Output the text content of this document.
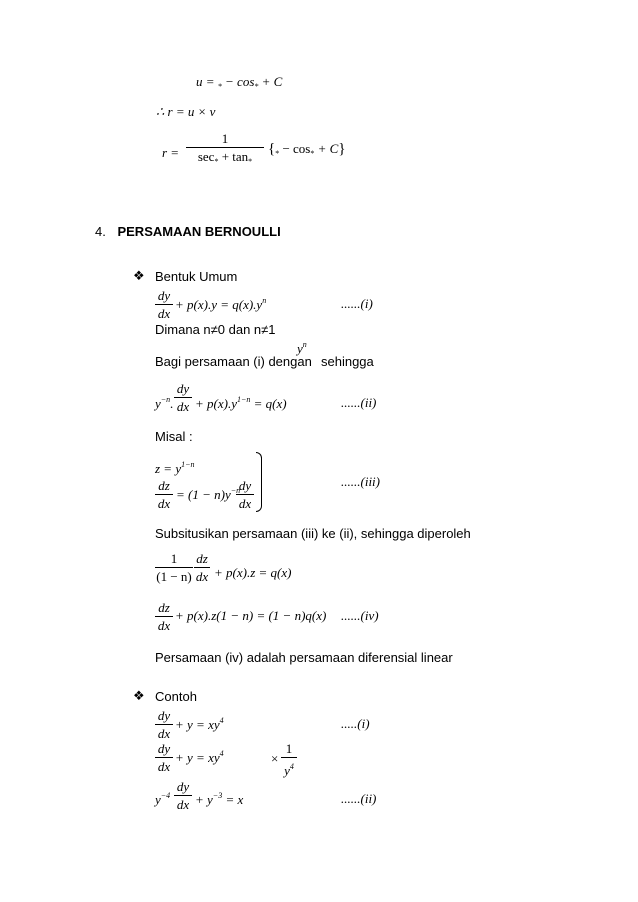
$u = _* - \cos_* + C$
∴ r = u × v
r =
1
$\sec_* + \tan_*$
$\{_* - \cos_* + C\}$
4. PERSAMAAN BERNOULLI
❖ Bentuk Umum
dy
dx
+ $p(x).y = q(x).y^n$	......(i)
Dimana n≠0 dan n≠1
$y^n$
Bagi persamaan (i) dengan sehingga
$y^{-n}$.
dy
dx + $p(x).y^{1-n} = q(x)$	......(ii)
Misal :
$z = y^{1-n}$
dz
dx
= $(1 - n)y^{-n}$
dy
dx
......(iii)
Subsitusikan persamaan (iii) ke (ii), sehingga diperoleh
1
(1 − n)
dz
dx + p(x).z = q(x)
dz
dx
+ p(x).z(1 − n) = (1 − n)q(x) ......(iv)
Persamaan (iv) adalah persamaan diferensial linear
❖ Contoh
dy
dx
+ $y = xy^4$	.....(i)
dy
dx
+ $y = xy^4$	×
1
$y^4$
$y^{-4}$
dy
dx + $y^{-3} = x$	......(ii)
